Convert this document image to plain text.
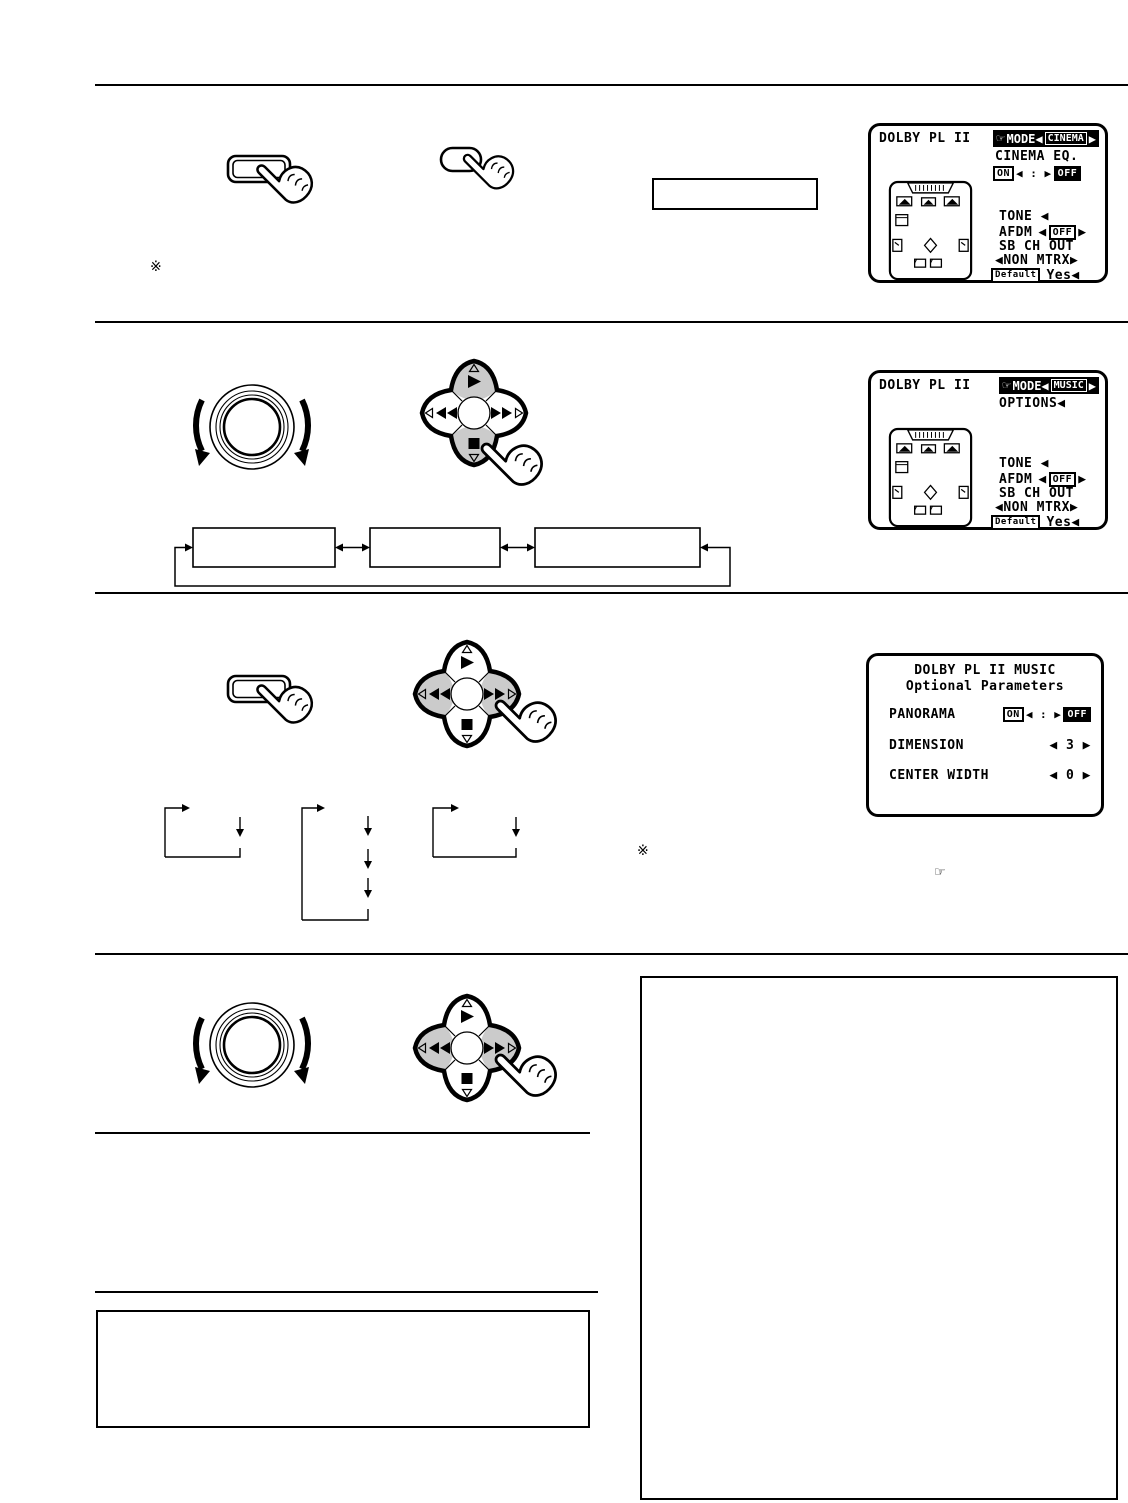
※
DOLBY PL II ☞ MODE ◀ CINEMA ▶
CINEMA EQ.
ON ◀ : ▶ OFF
TONE ◀
AFDM ◀ OFF ▶
SB CH OUT
◀NON MTRX▶
Default Yes◀
DOLBY PL II	☞ MODE ◀ MUSIC ▶
OPTIONS◀
TONE ◀
AFDM ◀ OFF ▶
SB CH OUT
◀NON MTRX▶
Default Yes◀
DOLBY PL II MUSIC
Optional Parameters
PANORAMA	ON ◀ : ▶ OFF
DIMENSION	◀ 3 ▶
CENTER WIDTH	◀ 0 ▶
※
☞
